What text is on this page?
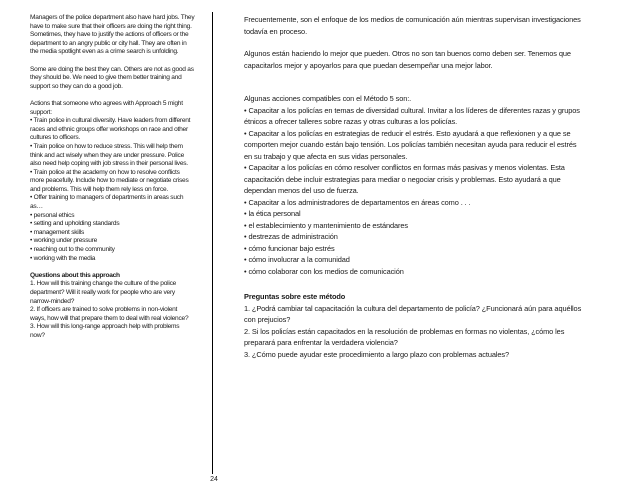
Managers of the police department also have hard jobs. They
have to make sure that their officers are doing the right thing.
Sometimes, they have to justify the actions of officers or the
department to an angry public or city hall. They are often in
the media spotlight even as a crime search is unfolding.

Some are doing the best they can. Others are not as good as
they should be. We need to give them better training and
support so they can do a good job.

Actions that someone who agrees with Approach 5 might
support:
• Train police in cultural diversity. Have leaders from different
races and ethnic groups offer workshops on race and other
cultures to officers.
• Train police on how to reduce stress. This will help them
think and act wisely when they are under pressure. Police
also need help coping with job stress in their personal lives.
• Train police at the academy on how to resolve conflicts
more peacefully. Include how to mediate or negotiate crises
and problems. This will help them rely less on force.
• Offer training to managers of departments in areas such
as…
• personal ethics
• setting and upholding standards
• management skills
• working under pressure
• reaching out to the community
• working with the media

Questions about this approach
1. How will this training change the culture of the police
department? Will it really work for people who are very
narrow-minded?
2. If officers are trained to solve problems in non-violent
ways, how will that prepare them to deal with real violence?
3. How will this long-range approach help with problems
now?

Frecuentemente, son el enfoque de los medios de comunicación aún mientras supervisan investigaciones
todavía en proceso.

Algunos están haciendo lo mejor que pueden. Otros no son tan buenos como deben ser. Tenemos que
capacitarlos mejor y apoyarlos para que puedan desempeñar una mejor labor.

Algunas acciones compatibles con el Método 5 son:.
• Capacitar a los policías en temas de diversidad cultural. Invitar a los líderes de diferentes razas y grupos
étnicos a ofrecer talleres sobre razas y otras culturas a los policías.
• Capacitar a los policías en estrategias de reducir el estrés. Esto ayudará a que reflexionen y a que se
comporten mejor cuando están bajo tensión. Los policías también necesitan ayuda para reducir el estrés
en su trabajo y que afecta en sus vidas personales.
• Capacitar a los policías en cómo resolver conflictos en formas más pasivas y menos violentas. Esta
capacitación debe incluir estrategias para mediar o negociar crisis y problemas. Esto ayudará a que
dependan menos del uso de fuerza.
• Capacitar a los administradores de departamentos en áreas como . . .
• la ética personal
• el establecimiento y mantenimiento de estándares
• destrezas de administración
• cómo funcionar bajo estrés
• cómo involucrar a la comunidad
• cómo colaborar con los medios de comunicación

Preguntas sobre este método
1. ¿Podrá cambiar tal capacitación la cultura del departamento de policía? ¿Funcionará aún para aquéllos
con prejucios?
2. Si los policías están capacitados en la resolución de problemas en formas no violentas, ¿cómo les
preparará para enfrentar la verdadera violencia?
3. ¿Cómo puede ayudar este procedimiento a largo plazo con problemas actuales?

24
